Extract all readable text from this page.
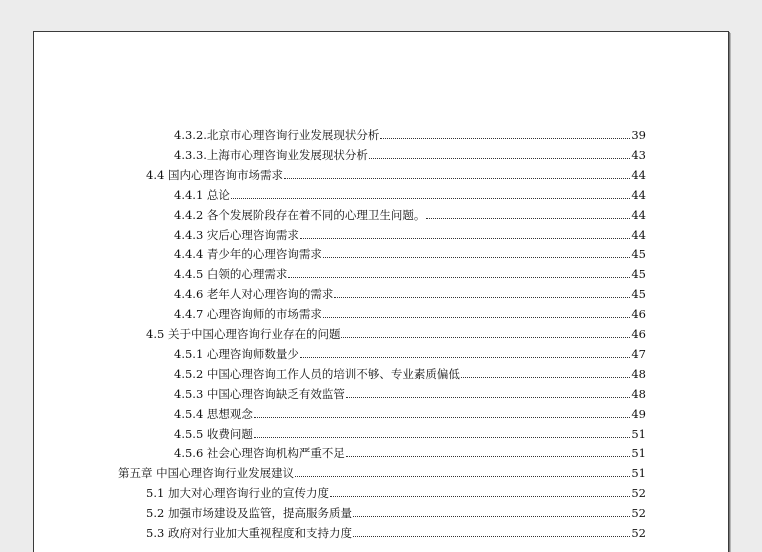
4.3.2.北京市心理咨询行业发展现状分析	39
4.3.3.上海市心理咨询业发展现状分析	43
4.4 国内心理咨询市场需求	44
4.4.1 总论	44
4.4.2 各个发展阶段存在着不同的心理卫生问题。	44
4.4.3 灾后心理咨询需求	44
4.4.4 青少年的心理咨询需求	45
4.4.5 白领的心理需求	45
4.4.6 老年人对心理咨询的需求	45
4.4.7 心理咨询师的市场需求	46
4.5 关于中国心理咨询行业存在的问题	46
4.5.1 心理咨询师数量少	47
4.5.2 中国心理咨询工作人员的培训不够、专业素质偏低	48
4.5.3 中国心理咨询缺乏有效监管	48
4.5.4 思想观念	49
4.5.5 收费问题	51
4.5.6 社会心理咨询机构严重不足	51
第五章 中国心理咨询行业发展建议	51
5.1 加大对心理咨询行业的宣传力度	52
5.2 加强市场建设及监管，提高服务质量	52
5.3 政府对行业加大重视程度和支持力度	52
